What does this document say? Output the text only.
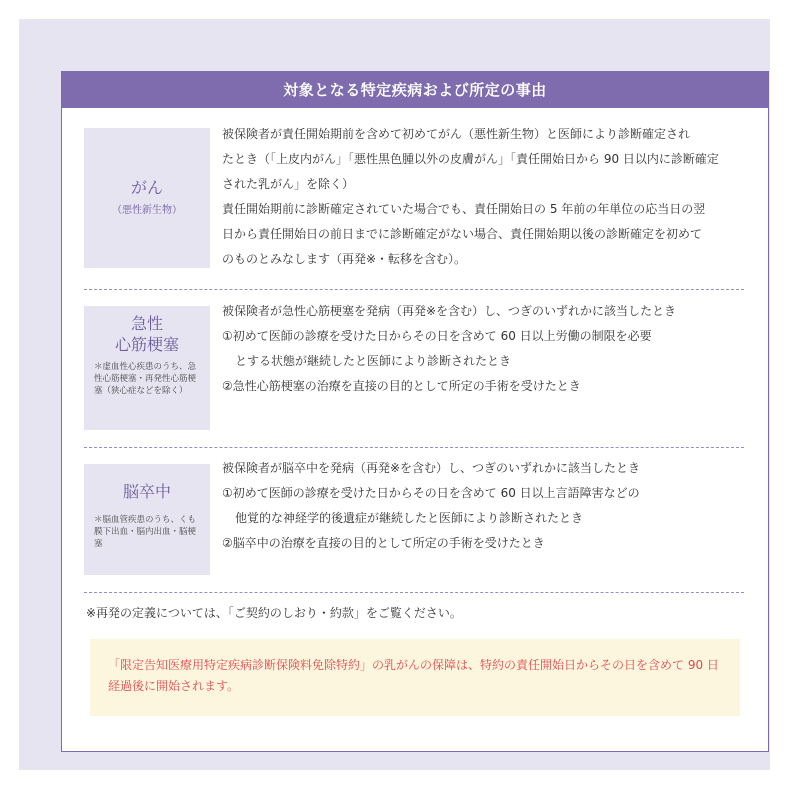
対象となる特定疾病および所定の事由
がん
（悪性新生物）

被保険者が責任開始期前を含めて初めてがん（悪性新生物）と医師により診断確定され

たとき（「上皮内がん」「悪性黒色腫以外の皮膚がん」「責任開始日から 90 日以内に診断確定

された乳がん」を除く）

責任開始期前に診断確定されていた場合でも、責任開始日の 5 年前の年単位の応当日の翌

日から責任開始日の前日までに診断確定がない場合、責任開始期以後の診断確定を初めて

のものとみなします（再発※・転移を含む）。

急性
心筋梗塞
＊虚血性心疾患のうち、急性心筋梗塞・再発性心筋梗塞（狭心症などを除く）

被保険者が急性心筋梗塞を発病（再発※を含む）し、つぎのいずれかに該当したとき

①初めて医師の診療を受けた日からその日を含めて 60 日以上労働の制限を必要

とする状態が継続したと医師により診断されたとき

②急性心筋梗塞の治療を直接の目的として所定の手術を受けたとき

脳卒中
＊脳血管疾患のうち、くも膜下出血・脳内出血・脳梗塞

被保険者が脳卒中を発病（再発※を含む）し、つぎのいずれかに該当したとき

①初めて医師の診療を受けた日からその日を含めて 60 日以上言語障害などの

他覚的な神経学的後遺症が継続したと医師により診断されたとき

②脳卒中の治療を直接の目的として所定の手術を受けたとき

※再発の定義については、「ご契約のしおり・約款」をご覧ください。
「限定告知医療用特定疾病診断保険料免除特約」の乳がんの保障は、特約の責任開始日からその日を含めて 90 日経過後に開始されます。
